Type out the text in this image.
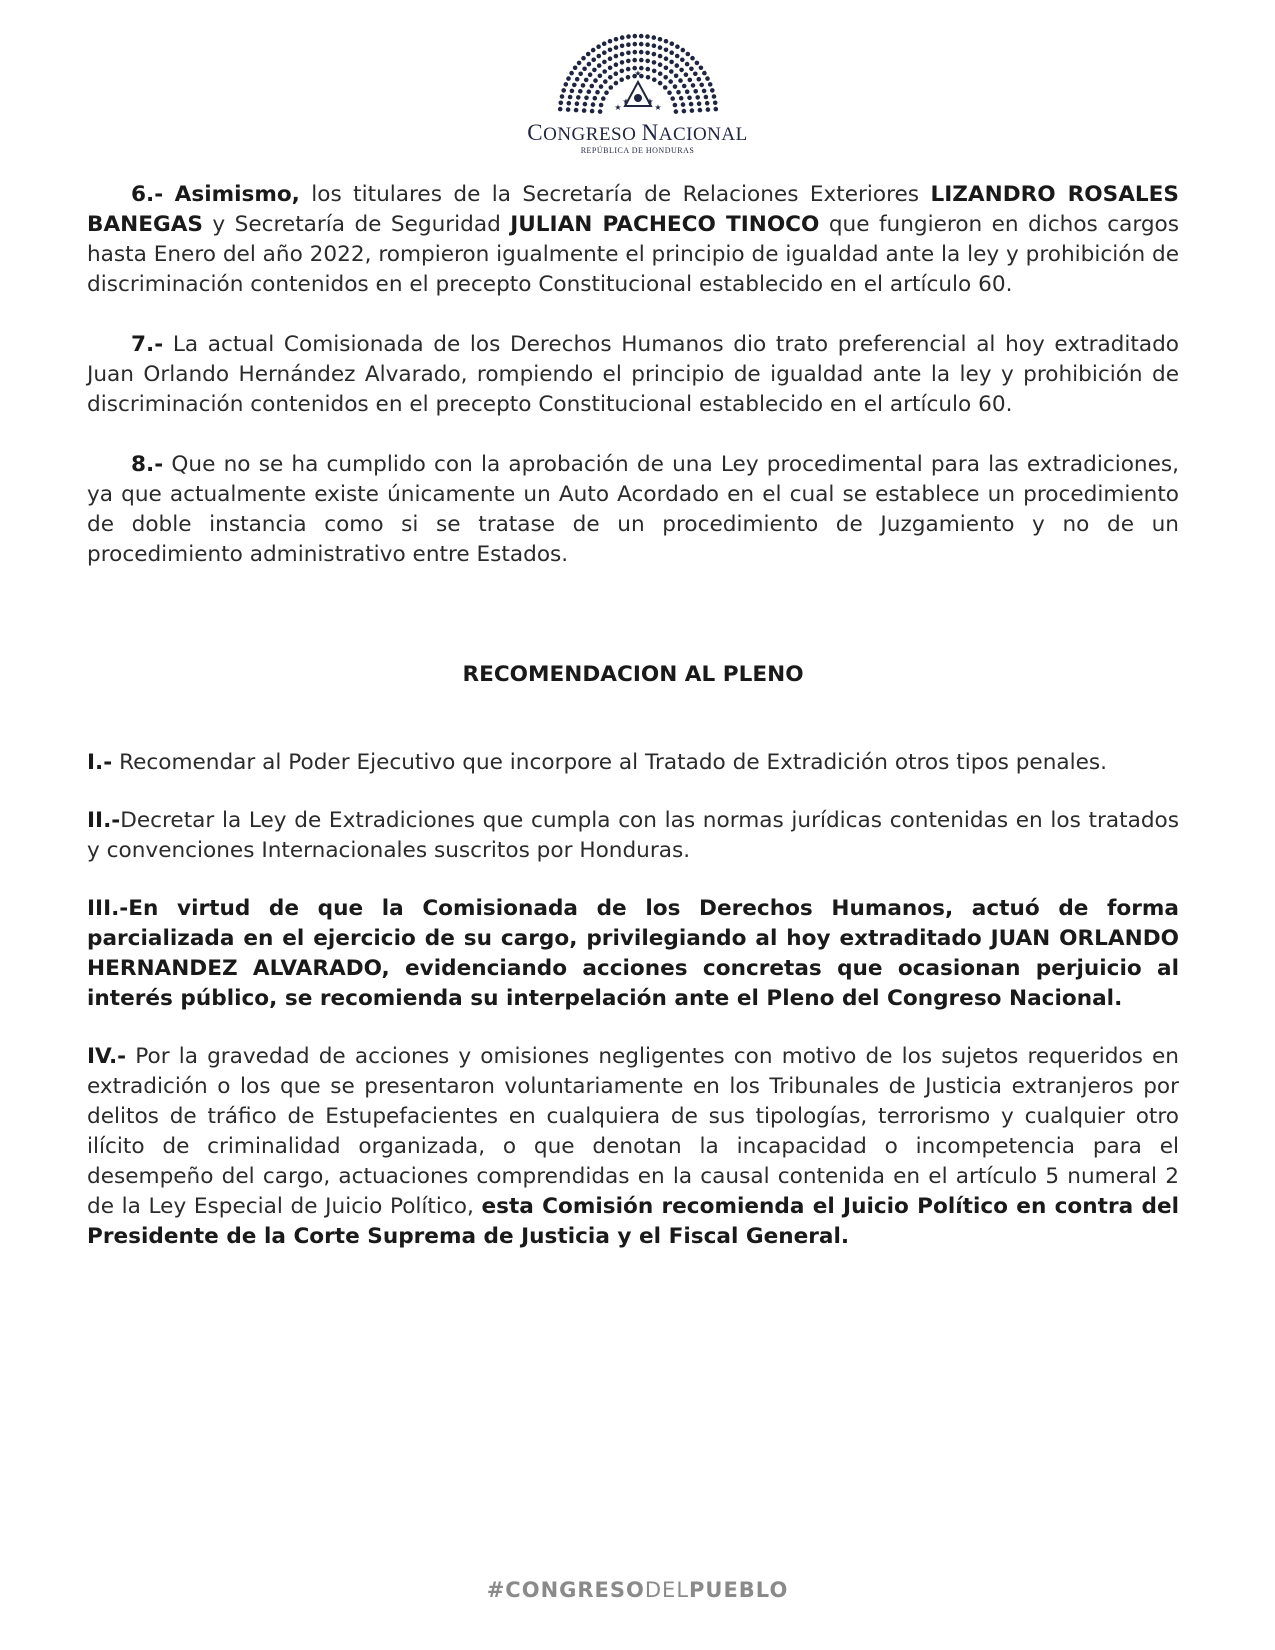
★
★ ★
★
★
CONGRESO NACIONAL
REPÚBLICA DE HONDURAS

6.- Asimismo, los titulares de la Secretaría de Relaciones Exteriores LIZANDRO ROSALES BANEGAS y Secretaría de Seguridad JULIAN PACHECO TINOCO que fungieron en dichos cargos hasta Enero del año 2022, rompieron igualmente el principio de igualdad ante la ley y prohibición de discriminación contenidos en el precepto Constitucional establecido en el artículo 60.

7.- La actual Comisionada de los Derechos Humanos dio trato preferencial al hoy extraditado Juan Orlando Hernández Alvarado, rompiendo el principio de igualdad ante la ley y prohibición de discriminación contenidos en el precepto Constitucional establecido en el artículo 60.

8.- Que no se ha cumplido con la aprobación de una Ley procedimental para las extradiciones, ya que actualmente existe únicamente un Auto Acordado en el cual se establece un procedimiento de doble instancia como si se tratase de un procedimiento de Juzgamiento y no de un procedimiento administrativo entre Estados.

RECOMENDACION AL PLENO

I.- Recomendar al Poder Ejecutivo que incorpore al Tratado de Extradición otros tipos penales.

II.-Decretar la Ley de Extradiciones que cumpla con las normas jurídicas contenidas en los tratados y convenciones Internacionales suscritos por Honduras.

III.-En virtud de que la Comisionada de los Derechos Humanos, actuó de forma parcializada en el ejercicio de su cargo, privilegiando al hoy extraditado JUAN ORLANDO HERNANDEZ ALVARADO, evidenciando acciones concretas que ocasionan perjuicio al interés público, se recomienda su interpelación ante el Pleno del Congreso Nacional.

IV.- Por la gravedad de acciones y omisiones negligentes con motivo de los sujetos requeridos en extradición o los que se presentaron voluntariamente en los Tribunales de Justicia extranjeros por delitos de tráfico de Estupefacientes en cualquiera de sus tipologías, terrorismo y cualquier otro ilícito de criminalidad organizada, o que denotan la incapacidad o incompetencia para el desempeño del cargo, actuaciones comprendidas en la causal contenida en el artículo 5 numeral 2 de la Ley Especial de Juicio Político, esta Comisión recomienda el Juicio Político en contra del Presidente de la Corte Suprema de Justicia y el Fiscal General.

#CONGRESODELPUEBLO
